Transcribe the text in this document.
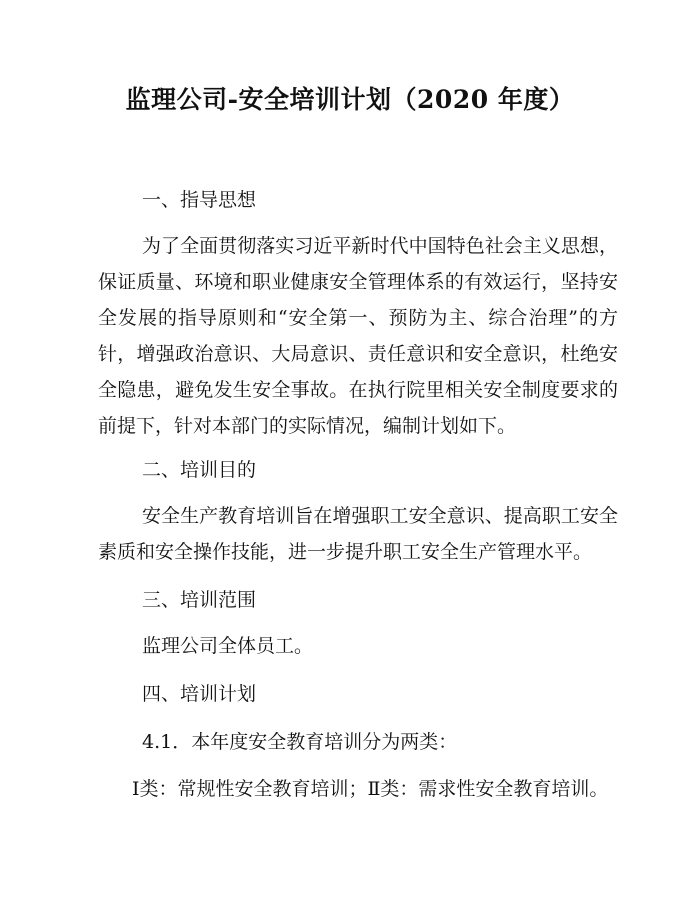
监理公司-安全培训计划（2020 年度）
一、指导思想
为了全面贯彻落实习近平新时代中国特色社会主义思想，保证质量、环境和职业健康安全管理体系的有效运行，坚持安全发展的指导原则和“安全第一、预防为主、综合治理”的方针，增强政治意识、大局意识、责任意识和安全意识，杜绝安全隐患，避免发生安全事故。在执行院里相关安全制度要求的前提下，针对本部门的实际情况，编制计划如下。
二、培训目的
安全生产教育培训旨在增强职工安全意识、提高职工安全素质和安全操作技能，进一步提升职工安全生产管理水平。
三、培训范围
监理公司全体员工。
四、培训计划
4.1．本年度安全教育培训分为两类：
Ⅰ类：常规性安全教育培训；Ⅱ类：需求性安全教育培训。
